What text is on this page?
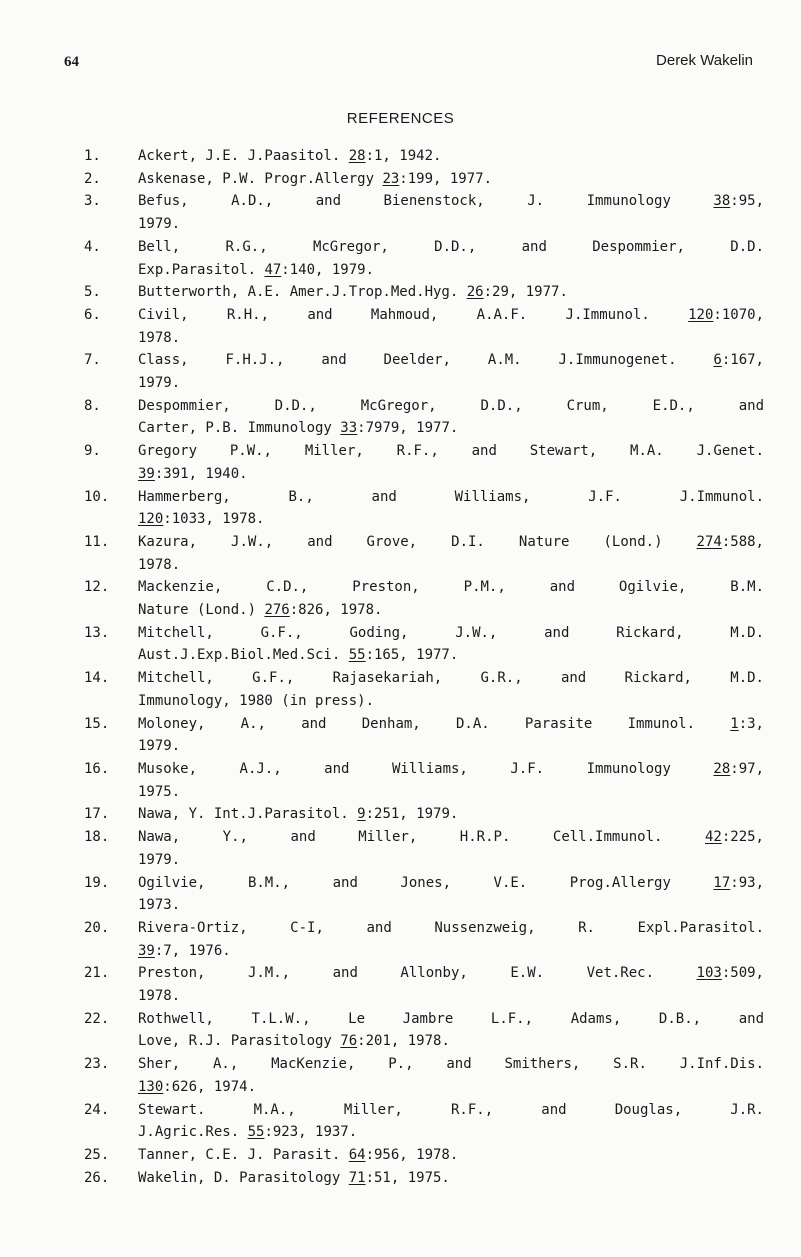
64	Derek Wakelin
REFERENCES
1.	Ackert, J.E. J.Paasitol. 28:1, 1942.
2.	Askenase, P.W. Progr.Allergy 23:199, 1977.
3.	Befus, A.D., and Bienenstock, J. Immunology 38:95,
1979.
4.	Bell, R.G., McGregor, D.D., and Despommier, D.D.
Exp.Parasitol. 47:140, 1979.
5.	Butterworth, A.E. Amer.J.Trop.Med.Hyg. 26:29, 1977.
6.	Civil, R.H., and Mahmoud, A.A.F. J.Immunol. 120:1070,
1978.
7.	Class, F.H.J., and Deelder, A.M. J.Immunogenet. 6:167,
1979.
8.	Despommier, D.D., McGregor, D.D., Crum, E.D., and
Carter, P.B. Immunology 33:7979, 1977.
9.	Gregory P.W., Miller, R.F., and Stewart, M.A. J.Genet.
39:391, 1940.
10.	Hammerberg, B., and Williams, J.F. J.Immunol.
120:1033, 1978.
11.	Kazura, J.W., and Grove, D.I. Nature (Lond.) 274:588,
1978.
12.	Mackenzie, C.D., Preston, P.M., and Ogilvie, B.M.
Nature (Lond.) 276:826, 1978.
13.	Mitchell, G.F., Goding, J.W., and Rickard, M.D.
Aust.J.Exp.Biol.Med.Sci. 55:165, 1977.
14.	Mitchell, G.F., Rajasekariah, G.R., and Rickard, M.D.
Immunology, 1980 (in press).
15.	Moloney, A., and Denham, D.A. Parasite Immunol. 1:3,
1979.
16.	Musoke, A.J., and Williams, J.F. Immunology 28:97,
1975.
17.	Nawa, Y. Int.J.Parasitol. 9:251, 1979.
18.	Nawa, Y., and Miller, H.R.P. Cell.Immunol. 42:225,
1979.
19.	Ogilvie, B.M., and Jones, V.E. Prog.Allergy 17:93,
1973.
20.	Rivera-Ortiz, C-I, and Nussenzweig, R. Expl.Parasitol.
39:7, 1976.
21.	Preston, J.M., and Allonby, E.W. Vet.Rec. 103:509,
1978.
22.	Rothwell, T.L.W., Le Jambre L.F., Adams, D.B., and
Love, R.J. Parasitology 76:201, 1978.
23.	Sher, A., MacKenzie, P., and Smithers, S.R. J.Inf.Dis.
130:626, 1974.
24.	Stewart. M.A., Miller, R.F., and Douglas, J.R.
J.Agric.Res. 55:923, 1937.
25.	Tanner, C.E. J. Parasit. 64:956, 1978.
26.	Wakelin, D. Parasitology 71:51, 1975.
